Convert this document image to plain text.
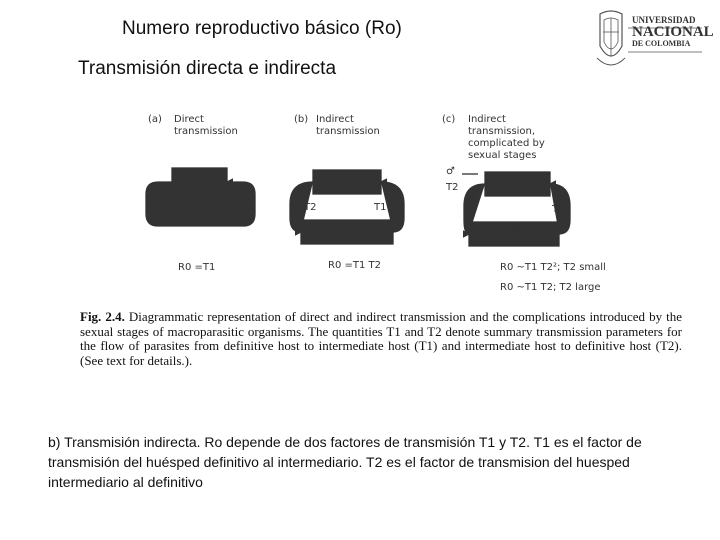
Numero reproductivo básico (Ro)
Transmisión directa e indirecta
UNIVERSIDAD
NACIONAL
DE COLOMBIA
(a) Direct
transmission
Host
T1
R0 =T1
(b) Indirect
transmission
Definitive
host
Intermediate
host
T2	T1
R0 =T1 T2
(c) Indirect
transmission,
complicated by
sexual stages
♂
♀
Definitive
host
Intermediate
host
T2
T1
R0 ~T1 T2²; T2 small
R0 ~T1 T2; T2 large
Fig. 2.4. Diagrammatic representation of direct and indirect transmission and the complications introduced by the sexual stages of macroparasitic organisms. The quantities T1 and T2 denote summary transmission parameters for the flow of parasites from definitive host to intermediate host (T1) and intermediate host to definitive host (T2). (See text for details.).
b) Transmisión indirecta. Ro depende de dos factores de transmisión T1 y T2. T1 es el factor de transmisión del huésped definitivo al intermediario. T2 es el factor de transmision del huesped intermediario al definitivo
